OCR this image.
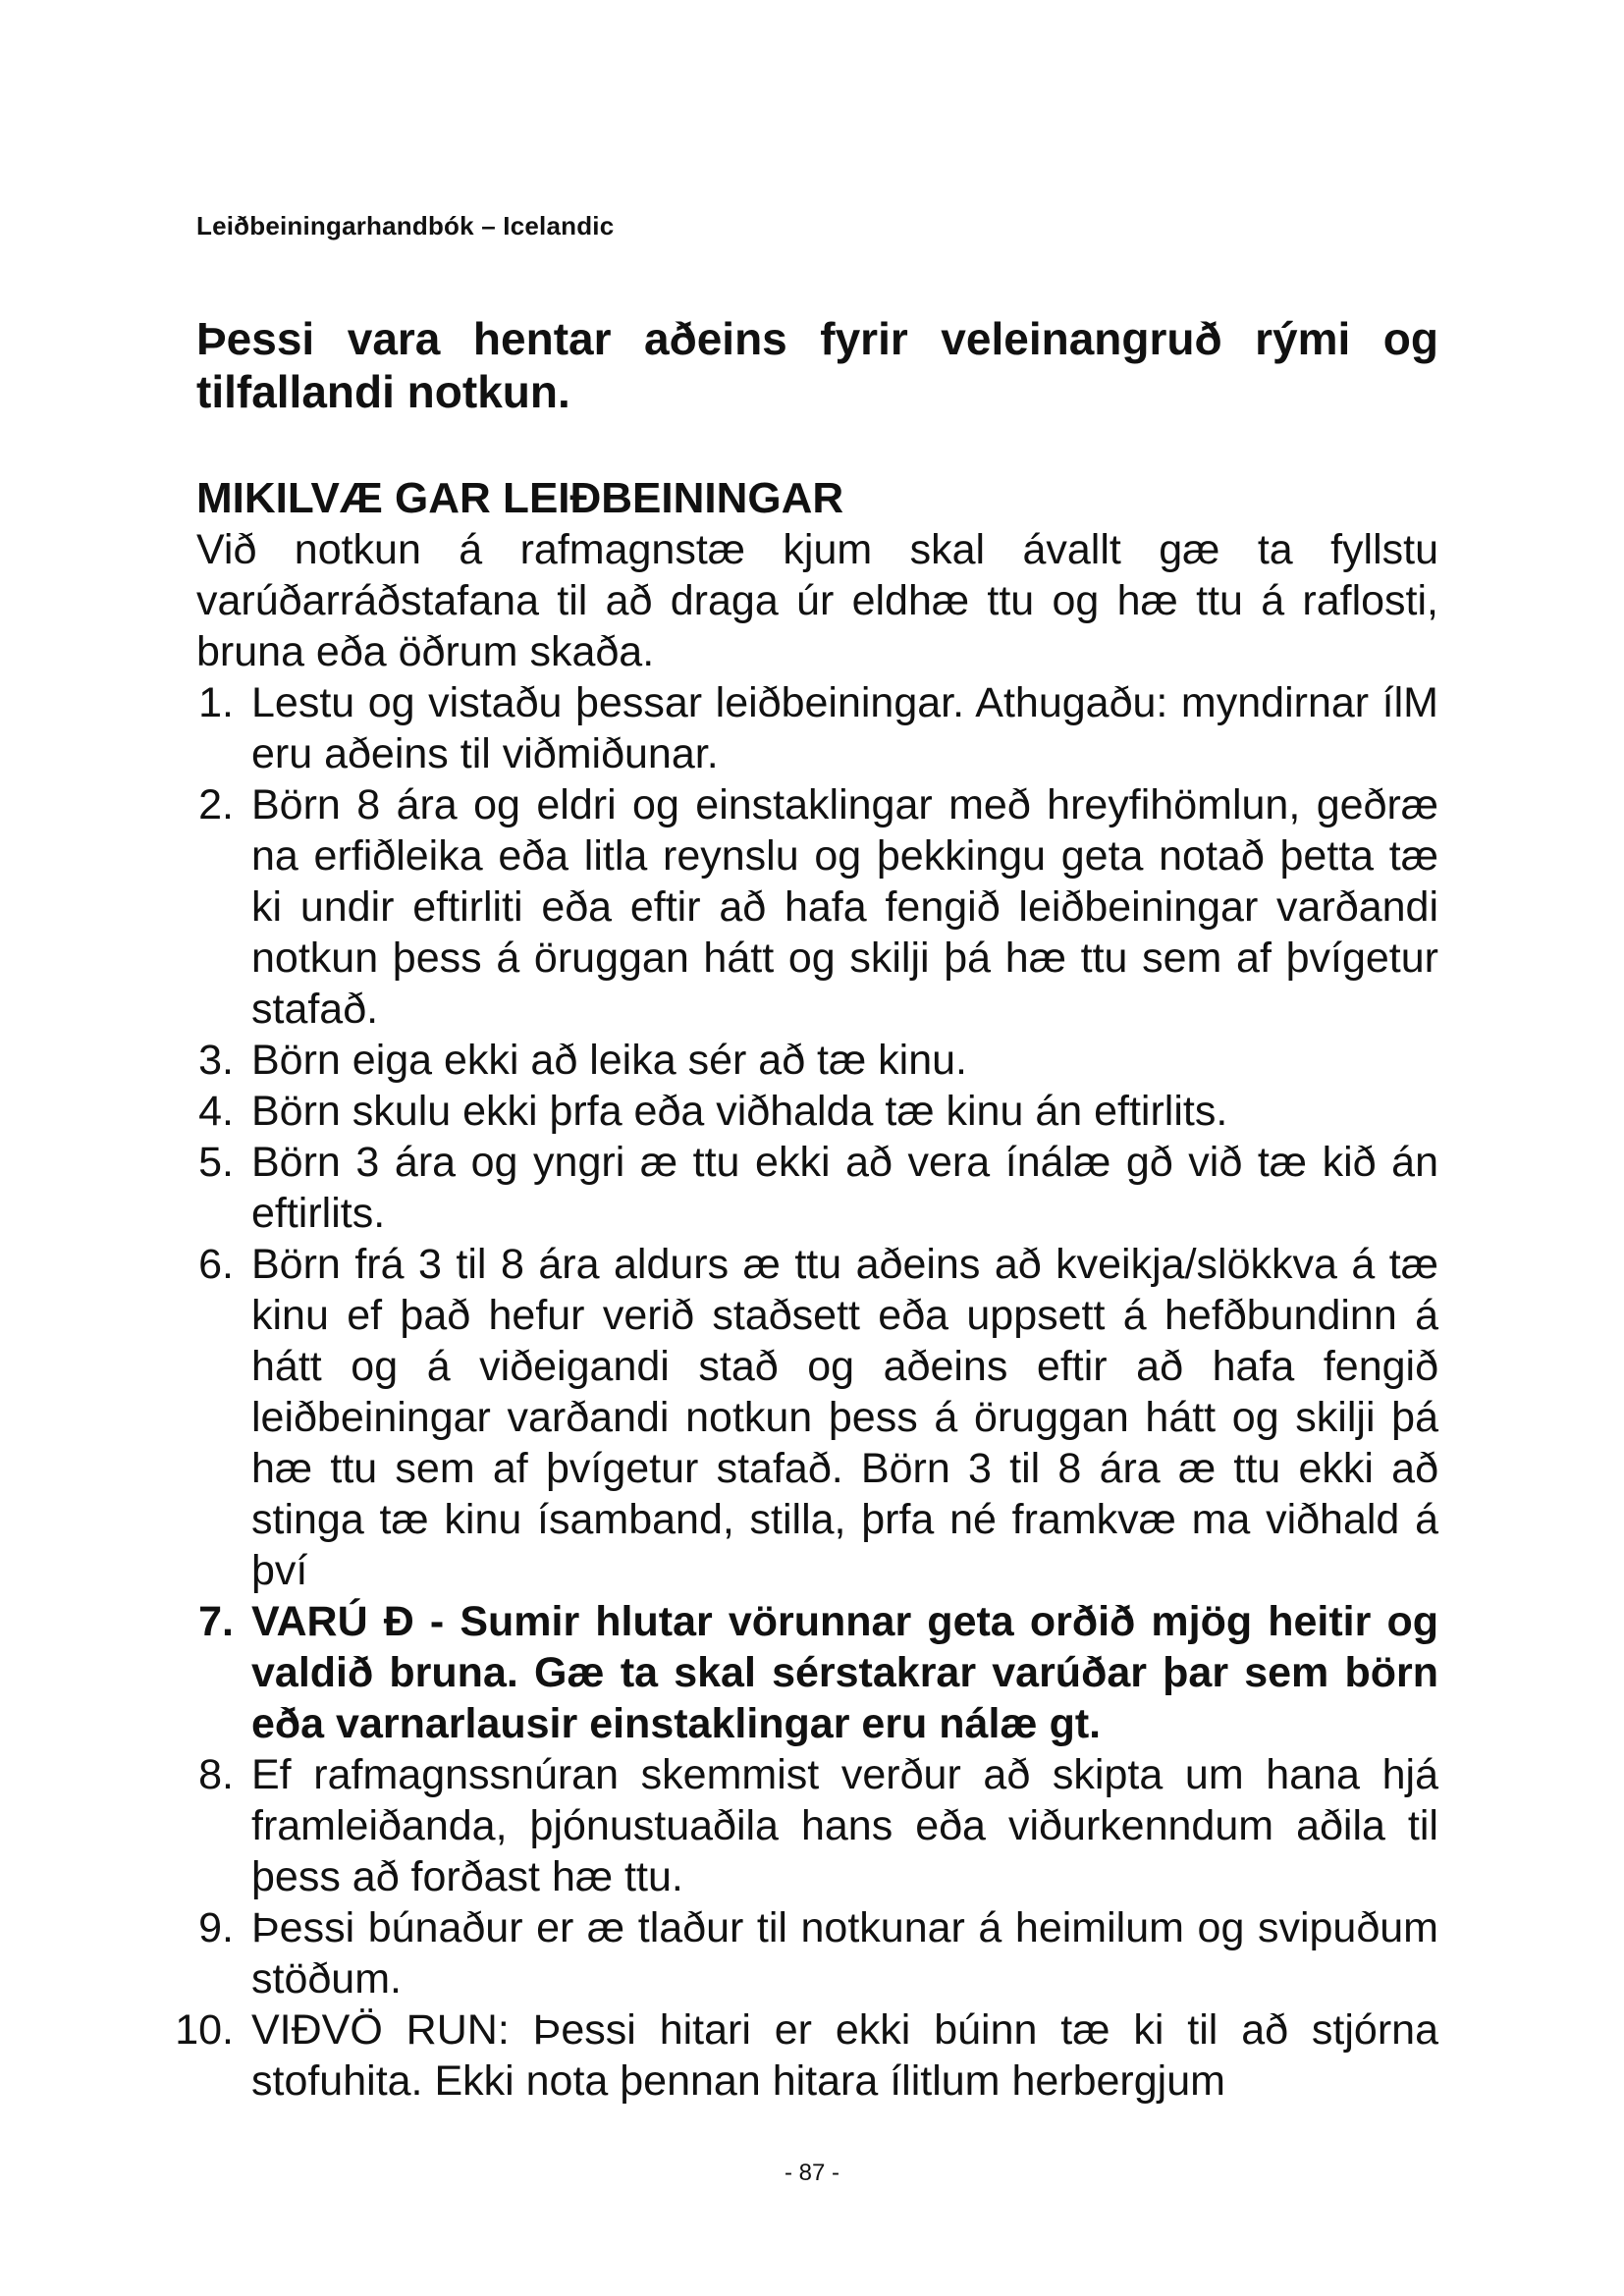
Leiðbeiningarhandbók – Icelandic

Þessi vara hentar aðeins fyrir veleinangruð rými og tilfallandi notkun.

MIKILVÆ GAR LEIÐBEININGAR

Við notkun á rafmagnstæ kjum skal ávallt gæ ta fyllstu varúðarráðstafana til að draga úr eldhæ ttu og hæ ttu á raflosti, bruna eða öðrum skaða.

1. Lestu og vistaðu þessar leiðbeiningar. Athugaðu: myndirnar ílM eru aðeins til viðmiðunar.
2. Börn 8 ára og eldri og einstaklingar með hreyfihömlun, geðræ na erfiðleika eða litla reynslu og þekkingu geta notað þetta tæ ki undir eftirliti eða eftir að hafa fengið leiðbeiningar varðandi notkun þess á öruggan hátt og skilji þá hæ ttu sem af þvígetur stafað.
3. Börn eiga ekki að leika sér að tæ kinu.
4. Börn skulu ekki þrfa eða viðhalda tæ kinu án eftirlits.
5. Börn 3 ára og yngri æ ttu ekki að vera ínálæ gð við tæ kið án eftirlits.
6. Börn frá 3 til 8 ára aldurs æ ttu aðeins að kveikja/slökkva á tæ kinu ef það hefur verið staðsett eða uppsett á hefðbundinn á hátt og á viðeigandi stað og aðeins eftir að hafa fengið leiðbeiningar varðandi notkun þess á öruggan hátt og skilji þá hæ ttu sem af þvígetur stafað. Börn 3 til 8 ára æ ttu ekki að stinga tæ kinu ísamband, stilla, þrfa né framkvæ ma viðhald á því
7. VARÚ Ð - Sumir hlutar vörunnar geta orðið mjög heitir og valdið bruna. Gæ ta skal sérstakrar varúðar þar sem börn eða varnarlausir einstaklingar eru nálæ gt.
8. Ef rafmagnssnúran skemmist verður að skipta um hana hjá framleiðanda, þjónustuaðila hans eða viðurkenndum aðila til þess að forðast hæ ttu.
9. Þessi búnaður er æ tlaður til notkunar á heimilum og svipuðum stöðum.
10. VIÐVÖ RUN: Þessi hitari er ekki búinn tæ ki til að stjórna stofuhita. Ekki nota þennan hitara ílitlum herbergjum
- 87 -
